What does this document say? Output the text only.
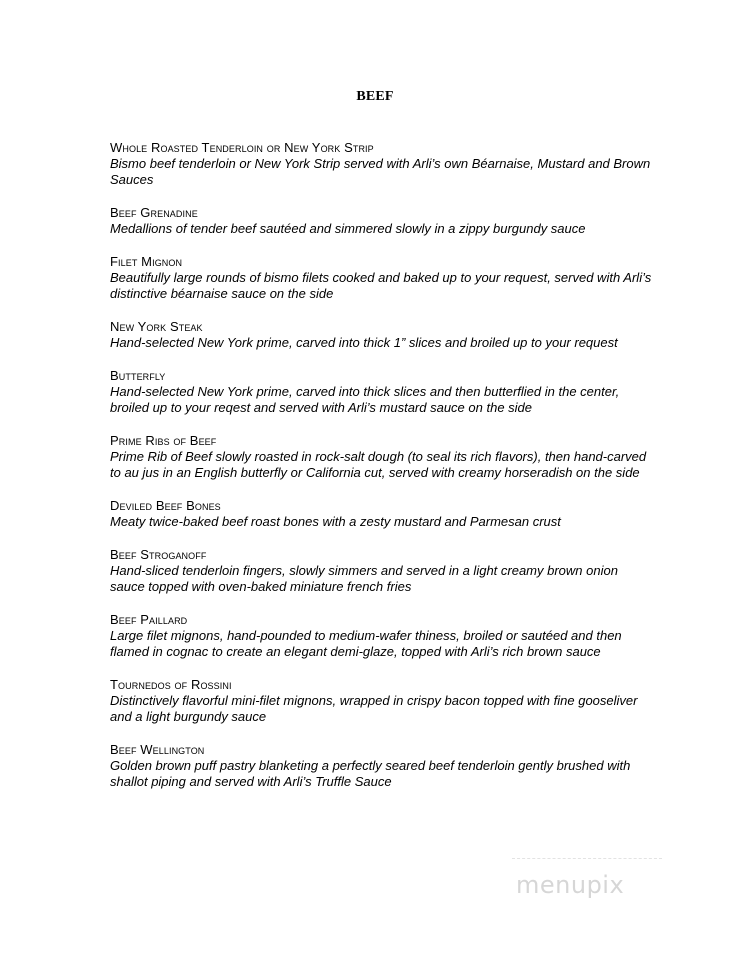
BEEF
Whole Roasted Tenderloin or New York Strip
Bismo beef tenderloin or New York Strip served with Arli’s own Béarnaise, Mustard and Brown Sauces
Beef Grenadine
Medallions of tender beef sautéed and simmered slowly in a zippy burgundy sauce
Filet Mignon
Beautifully large rounds of bismo filets cooked and baked up to your request, served with Arli’s distinctive béarnaise sauce on the side
New York Steak
Hand-selected New York prime, carved into thick 1” slices and broiled up to your request
Butterfly
Hand-selected New York prime, carved into thick slices and then butterflied in the center, broiled up to your reqest and served with Arli’s mustard sauce on the side
Prime Ribs of Beef
Prime Rib of Beef slowly roasted in rock-salt dough (to seal its rich flavors), then hand-carved to au jus in an English butterfly or California cut, served with creamy horseradish on the side
Deviled Beef Bones
Meaty twice-baked beef roast bones with a zesty mustard and Parmesan crust
Beef Stroganoff
Hand-sliced tenderloin fingers, slowly simmers and served in a light creamy brown onion sauce topped with oven-baked miniature french fries
Beef Paillard
Large filet mignons, hand-pounded to medium-wafer thiness, broiled or sautéed and then flamed in cognac to create an elegant demi-glaze, topped with Arli’s rich brown sauce
Tournedos of Rossini
Distinctively flavorful mini-filet mignons, wrapped in crispy bacon topped with fine gooseliver and a light burgundy sauce
Beef Wellington
Golden brown puff pastry blanketing a perfectly seared beef tenderloin gently brushed with shallot piping and served with Arli’s Truffle Sauce
menupix
